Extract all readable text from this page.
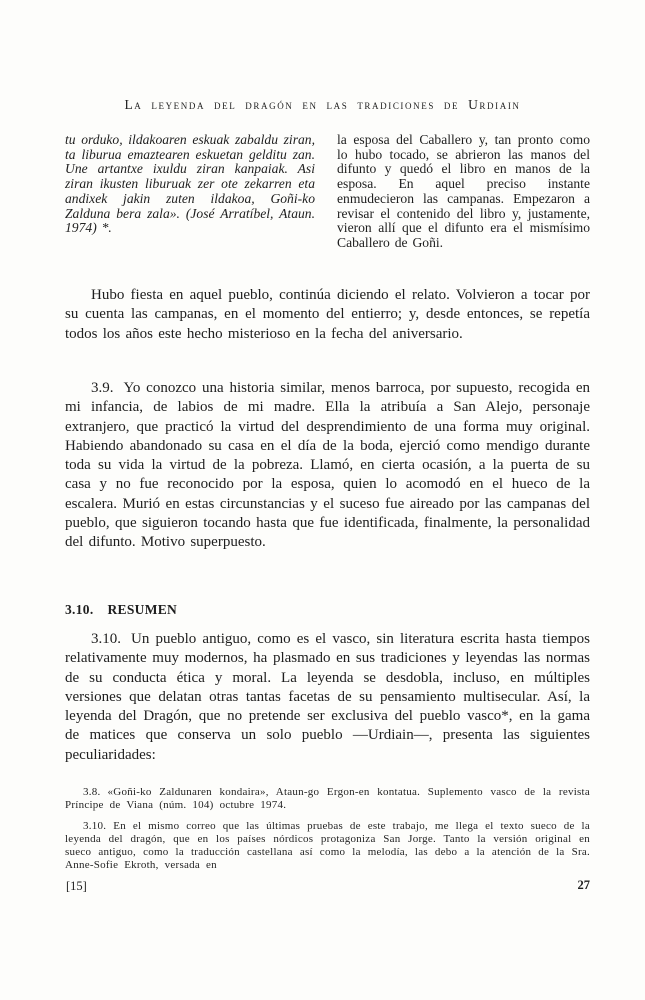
La leyenda del dragón en las tradiciones de Urdiain
tu orduko, ildakoaren eskuak zabaldu ziran, ta liburua emaztearen eskuetan gelditu zan. Une artantxe ixuldu ziran kanpaiak. Asi ziran ikusten liburuak zer ote zekarren eta andixek jakin zuten ildakoa, Goñi-ko Zalduna bera zala». (José Arratíbel, Ataun. 1974) *.
la esposa del Caballero y, tan pronto como lo hubo tocado, se abrieron las manos del difunto y quedó el libro en manos de la esposa. En aquel preciso instante enmudecieron las campanas. Empezaron a revisar el contenido del libro y, justamente, vieron allí que el difunto era el mismísimo Caballero de Goñi.
Hubo fiesta en aquel pueblo, continúa diciendo el relato. Volvieron a tocar por su cuenta las campanas, en el momento del entierro; y, desde entonces, se repetía todos los años este hecho misterioso en la fecha del aniversario.
3.9. Yo conozco una historia similar, menos barroca, por supuesto, recogida en mi infancia, de labios de mi madre. Ella la atribuía a San Alejo, personaje extranjero, que practicó la virtud del desprendimiento de una forma muy original. Habiendo abandonado su casa en el día de la boda, ejerció como mendigo durante toda su vida la virtud de la pobreza. Llamó, en cierta ocasión, a la puerta de su casa y no fue reconocido por la esposa, quien lo acomodó en el hueco de la escalera. Murió en estas circunstancias y el suceso fue aireado por las campanas del pueblo, que siguieron tocando hasta que fue identificada, finalmente, la personalidad del difunto. Motivo superpuesto.
3.10. RESUMEN
3.10. Un pueblo antiguo, como es el vasco, sin literatura escrita hasta tiempos relativamente muy modernos, ha plasmado en sus tradiciones y leyendas las normas de su conducta ética y moral. La leyenda se desdobla, incluso, en múltiples versiones que delatan otras tantas facetas de su pensamiento multisecular. Así, la leyenda del Dragón, que no pretende ser exclusiva del pueblo vasco*, en la gama de matices que conserva un solo pueblo —Urdiain—, presenta las siguientes peculiaridades:

3.8. «Goñi-ko Zaldunaren kondaira», Ataun-go Ergon-en kontatua. Suplemento vasco de la revista Príncipe de Viana (núm. 104) octubre 1974.

3.10. En el mismo correo que las últimas pruebas de este trabajo, me llega el texto sueco de la leyenda del dragón, que en los países nórdicos protagoniza San Jorge. Tanto la versión original en sueco antiguo, como la traducción castellana así como la melodía, las debo a la atención de la Sra. Anne-Sofie Ekroth, versada en

[15]	27
